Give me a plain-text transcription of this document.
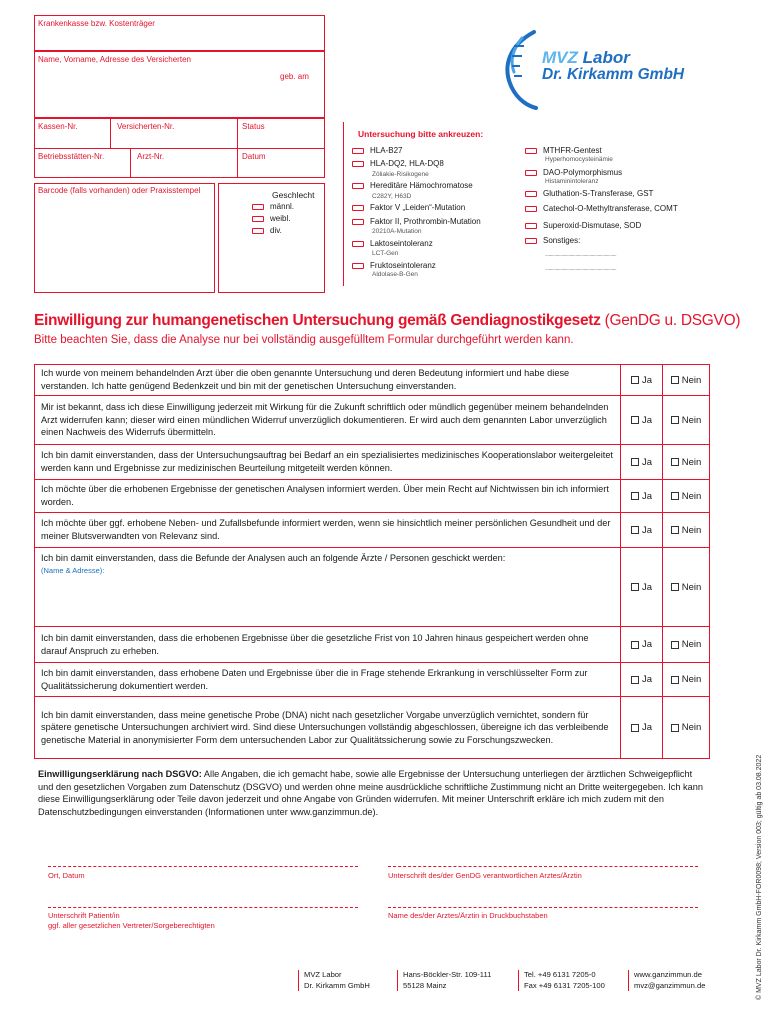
Krankenkasse bzw. Kostenträger
Name, Vorname, Adresse des Versicherten
geb. am
Kassen-Nr.	Versicherten-Nr.	Status
Betriebsstätten-Nr.	Arzt-Nr.	Datum
Barcode (falls vorhanden) oder Praxisstempel	Geschlecht
männl.
weibl.
div.
MVZ Labor
Dr. Kirkamm GmbH
Untersuchung bitte ankreuzen:
HLA-B27
HLA-DQ2, HLA-DQ8
Zöliakie-Risikogene
Hereditäre Hämochromatose
C282Y, H63D
Faktor V „Leiden“-Mutation
Faktor II, Prothrombin-Mutation
20210A-Mutation
Laktoseintoleranz
LCT-Gen
Fruktoseintoleranz
Aldolase-B-Gen
MTHFR-Gentest
Hyperhomocysteinämie
DAO-Polymorphismus
Histaminintoleranz
Gluthation-S-Transferase, GST
Catechol-O-Methyltransferase, COMT
Superoxid-Dismutase, SOD
Sonstiges:
.............................................................
.............................................................
Einwilligung zur humangenetischen Untersuchung gemäß Gendiagnostikgesetz (GenDG u. DSGVO)
Bitte beachten Sie, dass die Analyse nur bei vollständig ausgefülltem Formular durchgeführt werden kann.
Ich wurde von meinem behandelnden Arzt über die oben genannte Untersuchung und deren Bedeutung informiert und habe diese verstanden. Ich hatte genügend Bedenkzeit und bin mit der genetischen Untersuchung einverstanden.
Ja	Nein
Mir ist bekannt, dass ich diese Einwilligung jederzeit mit Wirkung für die Zukunft schriftlich oder mündlich gegenüber meinem behandelnden Arzt widerrufen kann; dieser wird einen mündlichen Widerruf unverzüglich dokumentieren. Er wird auch dem genannten Labor unverzüglich einen Nachweis des Widerrufs übermitteln.
Ja	Nein
Ich bin damit einverstanden, dass der Untersuchungsauftrag bei Bedarf an ein spezialisiertes medizinisches Kooperationslabor weitergeleitet werden kann und Ergebnisse zur medizinischen Beurteilung mitgeteilt werden können.
Ja	Nein
Ich möchte über die erhobenen Ergebnisse der genetischen Analysen informiert werden. Über mein Recht auf Nichtwissen bin ich informiert worden.
Ja	Nein
Ich möchte über ggf. erhobene Neben- und Zufallsbefunde informiert werden, wenn sie hinsichtlich meiner persönlichen Gesundheit und der meiner Blutsverwandten von Relevanz sind.
Ja	Nein
Ich bin damit einverstanden, dass die Befunde der Analysen auch an folgende Ärzte / Personen geschickt werden:
(Name & Adresse):
Ja	Nein
Ich bin damit einverstanden, dass die erhobenen Ergebnisse über die gesetzliche Frist von 10 Jahren hinaus gespeichert werden ohne darauf Anspruch zu erheben.
Ja	Nein
Ich bin damit einverstanden, dass erhobene Daten und Ergebnisse über die in Frage stehende Erkrankung in verschlüsselter Form zur Qualitätssicherung dokumentiert werden.
Ja	Nein
Ich bin damit einverstanden, dass meine genetische Probe (DNA) nicht nach gesetzlicher Vorgabe unverzüglich vernichtet, sondern für spätere genetische Untersuchungen archiviert wird. Sind diese Untersuchungen vollständig abgeschlossen, übereigne ich das verbleibende genetische Material in anonymisierter Form dem untersuchenden Labor zur Qualitätssicherung sowie zu Forschungszwecken.
Ja	Nein
Einwilligungserklärung nach DSGVO: Alle Angaben, die ich gemacht habe, sowie alle Ergebnisse der Untersuchung unterliegen der ärztlichen Schweigepflicht und den gesetzlichen Vorgaben zum Datenschutz (DSGVO) und werden ohne meine ausdrückliche schriftliche Zustimmung nicht an Dritte weitergegeben. Ich kann diese Einwilligungserklärung oder Teile davon jederzeit und ohne Angabe von Gründen widerrufen. Mit meiner Unterschrift erkläre ich mich zudem mit den Datenschutzbedingungen einverstanden (Informationen unter www.ganzimmun.de).
Ort, Datum	Unterschrift des/der GenDG verantwortlichen Arztes/Ärztin
Unterschrift Patient/in
ggf. aller gesetzlichen Vertreter/Sorgeberechtigten
Name des/der Arztes/Ärztin in Druckbuchstaben
MVZ Labor
Dr. Kirkamm GmbH
Hans-Böckler-Str. 109-111
55128 Mainz
Tel. +49 6131 7205-0
Fax +49 6131 7205-100
www.ganzimmun.de
mvz@ganzimmun.de	© MVZ Labor Dr. Kirkamm GmbH-FOR0098; Version 003; gültig ab 03.08.2022
